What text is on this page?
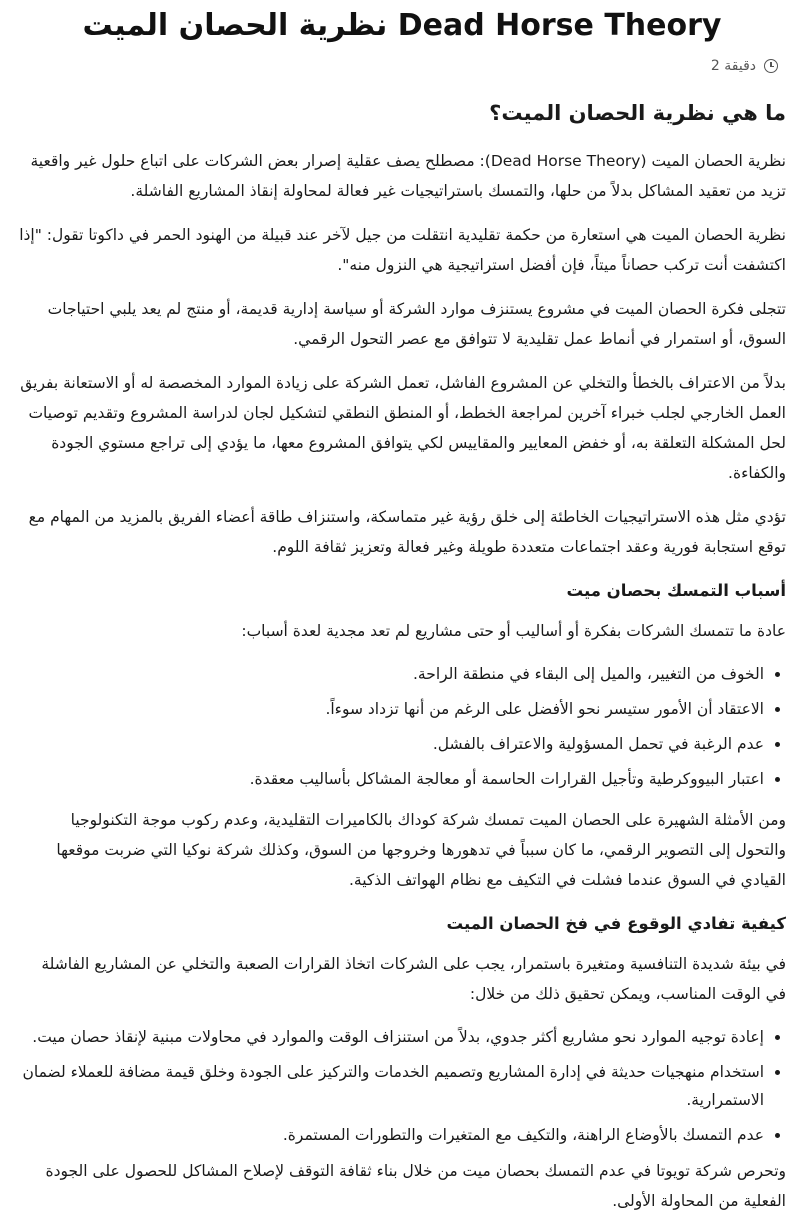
نظرية الحصان الميت Dead Horse Theory
2 دقيقة
ما هي نظرية الحصان الميت؟

نظرية الحصان الميت (Dead Horse Theory): مصطلح يصف عقلية إصرار بعض الشركات على اتباع حلول غير واقعية تزيد من تعقيد المشاكل بدلاً من حلها، والتمسك باستراتيجيات غير فعالة لمحاولة إنقاذ المشاريع الفاشلة.

نظرية الحصان الميت هي استعارة من حكمة تقليدية انتقلت من جيل لآخر عند قبيلة من الهنود الحمر في داكوتا تقول: "إذا اكتشفت أنت تركب حصاناً ميتاً، فإن أفضل استراتيجية هي النزول منه".

تتجلى فكرة الحصان الميت في مشروع يستنزف موارد الشركة أو سياسة إدارية قديمة، أو منتج لم يعد يلبي احتياجات السوق، أو استمرار في أنماط عمل تقليدية لا تتوافق مع عصر التحول الرقمي.

بدلاً من الاعتراف بالخطأ والتخلي عن المشروع الفاشل، تعمل الشركة على زيادة الموارد المخصصة له أو الاستعانة بفريق العمل الخارجي لجلب خبراء آخرين لمراجعة الخطط، أو المنطق النطقي لتشكيل لجان لدراسة المشروع وتقديم توصيات لحل المشكلة التعلقة به، أو خفض المعايير والمقاييس لكي يتوافق المشروع معها، ما يؤدي إلى تراجع مستوي الجودة والكفاءة.

تؤدي مثل هذه الاستراتيجيات الخاطئة إلى خلق رؤية غير متماسكة، واستنزاف طاقة أعضاء الفريق بالمزيد من المهام مع توقع استجابة فورية وعقد اجتماعات متعددة طويلة وغير فعالة وتعزيز ثقافة اللوم.

أسباب التمسك بحصان ميت

عادة ما تتمسك الشركات بفكرة أو أساليب أو حتى مشاريع لم تعد مجدية لعدة أسباب:

• الخوف من التغيير، والميل إلى البقاء في منطقة الراحة.
• الاعتقاد أن الأمور ستيسر نحو الأفضل على الرغم من أنها تزداد سوءاً.
• عدم الرغبة في تحمل المسؤولية والاعتراف بالفشل.
• اعتبار البيووكرطية وتأجيل القرارات الحاسمة أو معالجة المشاكل بأساليب معقدة.

ومن الأمثلة الشهيرة على الحصان الميت تمسك شركة كوداك بالكاميرات التقليدية، وعدم ركوب موجة التكنولوجيا والتحول إلى التصوير الرقمي، ما كان سبباً في تدهورها وخروجها من السوق، وكذلك شركة نوكيا التي ضربت موقعها القيادي في السوق عندما فشلت في التكيف مع نظام الهواتف الذكية.

كيفية تفادي الوقوع في فخ الحصان الميت

في بيئة شديدة التنافسية ومتغيرة باستمرار، يجب على الشركات اتخاذ القرارات الصعبة والتخلي عن المشاريع الفاشلة في الوقت المناسب، ويمكن تحقيق ذلك من خلال:

• إعادة توجيه الموارد نحو مشاريع أكثر جدوي، بدلاً من استنزاف الوقت والموارد في محاولات مبنية لإنقاذ حصان ميت.
• استخدام منهجيات حديثة في إدارة المشاريع وتصميم الخدمات والتركيز على الجودة وخلق قيمة مضافة للعملاء لضمان الاستمرارية.
• عدم التمسك بالأوضاع الراهنة، والتكيف مع المتغيرات والتطورات المستمرة.

وتحرص شركة تويوتا في عدم التمسك بحصان ميت من خلال بناء ثقافة التوقف لإصلاح المشاكل للحصول على الجودة الفعلية من المحاولة الأولى.
